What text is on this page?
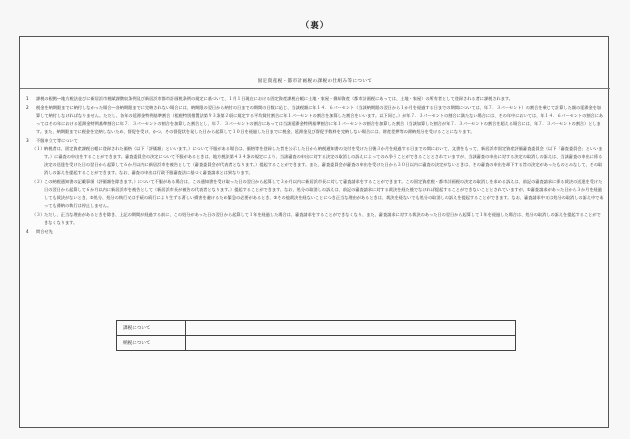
（裏）
固定資産税・都市計画税の課税の仕組み等について
1 課税の根拠―地方税法並びに新居浜市税賦課徴収条例及び新居浜市都市計画税条例の規定に基づいて、１月１日現在における固定資産課税台帳に土地・家屋・償却資産（都市計画税にあっては、土地・家屋）の所有者として登録される者に課税されます。
2 税金を納期限までに納付しなかった場合―各納期限までに完納されない場合には、納期限の翌日から納付の日までの期間の日数に応じ、当該税額に年１４．６パーセント（当該納期限の翌日から１か月を経過する日までの期間については、年７．３パーセント）の割合を乗じて計算した額の延滞金を加算して納付しなければなりません。ただし、各年の延滞金特例基準割合（租税特別措置法第９３条第２項に規定する平均貸付割合に年１パーセントの割合を加算した割合をいいます。以下同じ。）が年７．３パーセントの割合に満たない場合には、その年中においては、年１４．６パーセントの割合にあってはその年における延滞金特例基準割合に年７．３パーセントの割合を加算した割合とし、年７．３パーセントの割合にあっては当該延滞金特例基準割合に年１パーセントの割合を加算した割合（当該加算した割合が年７．３パーセントの割合を超える場合には、年７．３パーセントの割合）とします。また、納期限までに税金を完納しないため、督促を受け、かつ、その督促状を発した日から起算して１０日を経過した日までに税金、延滞金及び督促手数料を完納しない場合には、財産差押等の滞納処分を受けることになります。
3 不服申立て等について
（１） 納税者は、固定資産課税台帳に登録された価格（以下「評価額」といいます。）について不服がある場合は、価格等を登録した旨を公示した日から納税通知書の交付を受けた日後３か月を経過する日までの間において、文書をもって、新居浜市固定資産評価審査委員会（以下「審査委員会」といいます。）に審査の申出をすることができます。審査委員会の決定について不服があるときは、地方税法第４３４条の規定により、当該審査の申出に対する決定の取消しの訴えによってのみ争うことができることとされていますが、当該審査の申出に対する決定の取消しの訴えは、当該審査の申出に係る決定の送達を受けた日の翌日から起算して６か月以内に新居浜市を被告として（審査委員会が代表者となります。）提起することができます。また、審査委員会が審査の申出を受けた日から３０日以内に審査の決定がないときは、その審査の申出を却下する旨の決定があったものとみなして、その取消しの訴えを提起することができます。なお、審査の申出は行政不服審査法に基づく審査請求とは異なります。
（２） この納税通知書の記載事項（評価額を除きます。）について不服がある場合は、この通知書を受け取った日の翌日から起算して３か月以内に新居浜市長に対して審査請求をすることができます。この固定資産税・都市計画税の決定の取消しを求める訴えは、前記の審査請求に係る裁決の送達を受けた日の翌日から起算して６か月以内に新居浜市を被告として（新居浜市長が被告の代表者となります。）提起することができます。なお、処分の取消しの訴えは、前記の審査請求に対する裁決を経た後でなければ提起することができないこととされていますが、①審査請求があった日から３か月を経過しても裁決がないとき、②処分、処分の執行又は手続の続行により生ずる著しい損害を避けるため緊急の必要があるとき、③その他裁決を経ないことにつき正当な理由があるときは、裁決を経ないでも処分の取消しの訴えを提起することができます。なお、審査請求中又は処分の取消しの訴え中であっても滞納の執行は停止しません。
（３） ただし、正当な理由があるときを除き、上記の期間が経過する前に、この処分があった日の翌日から起算して１年を経過した場合は、審査請求をすることができなくなり、また、審査請求に対する裁決のあった日の翌日から起算して１年を経過した場合は、処分の取消しの訴えを提起することができなくなります。
4 問合せ先
課税について	
納税について	
